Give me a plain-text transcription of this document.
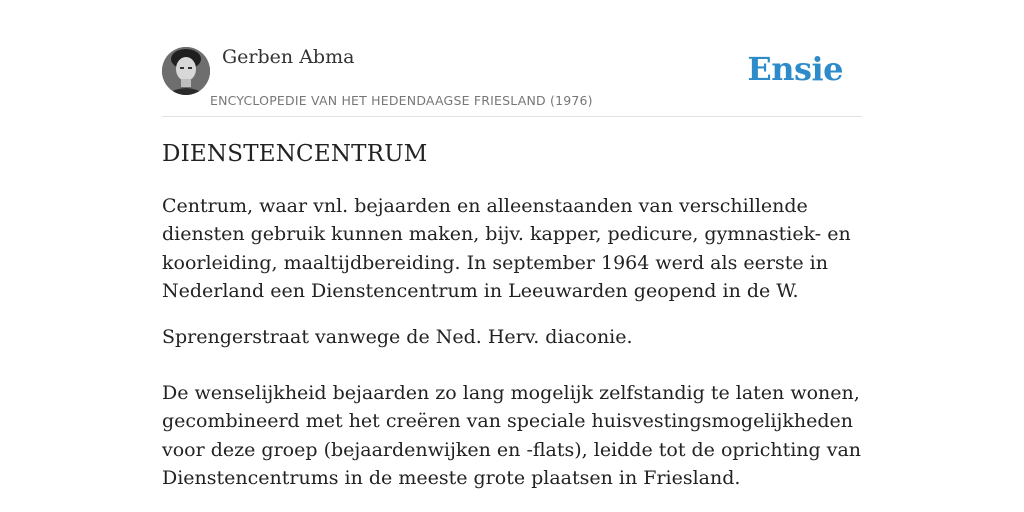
Gerben Abma
ENCYCLOPEDIE VAN HET HEDENDAAGSE FRIESLAND (1976)
Ensie
DIENSTENCENTRUM
Centrum, waar vnl. bejaarden en alleenstaanden van verschillende diensten gebruik kunnen maken, bijv. kapper, pedicure, gymnastiek- en koorleiding, maaltijdbereiding. In september 1964 werd als eerste in Nederland een Dienstencentrum in Leeuwarden geopend in de W.
Sprengerstraat vanwege de Ned. Herv. diaconie.
De wenselijkheid bejaarden zo lang mogelijk zelfstandig te laten wonen, gecombineerd met het creëren van speciale huisvestingsmogelijkheden voor deze groep (bejaardenwijken en -flats), leidde tot de oprichting van Dienstencentrums in de meeste grote plaatsen in Friesland.
